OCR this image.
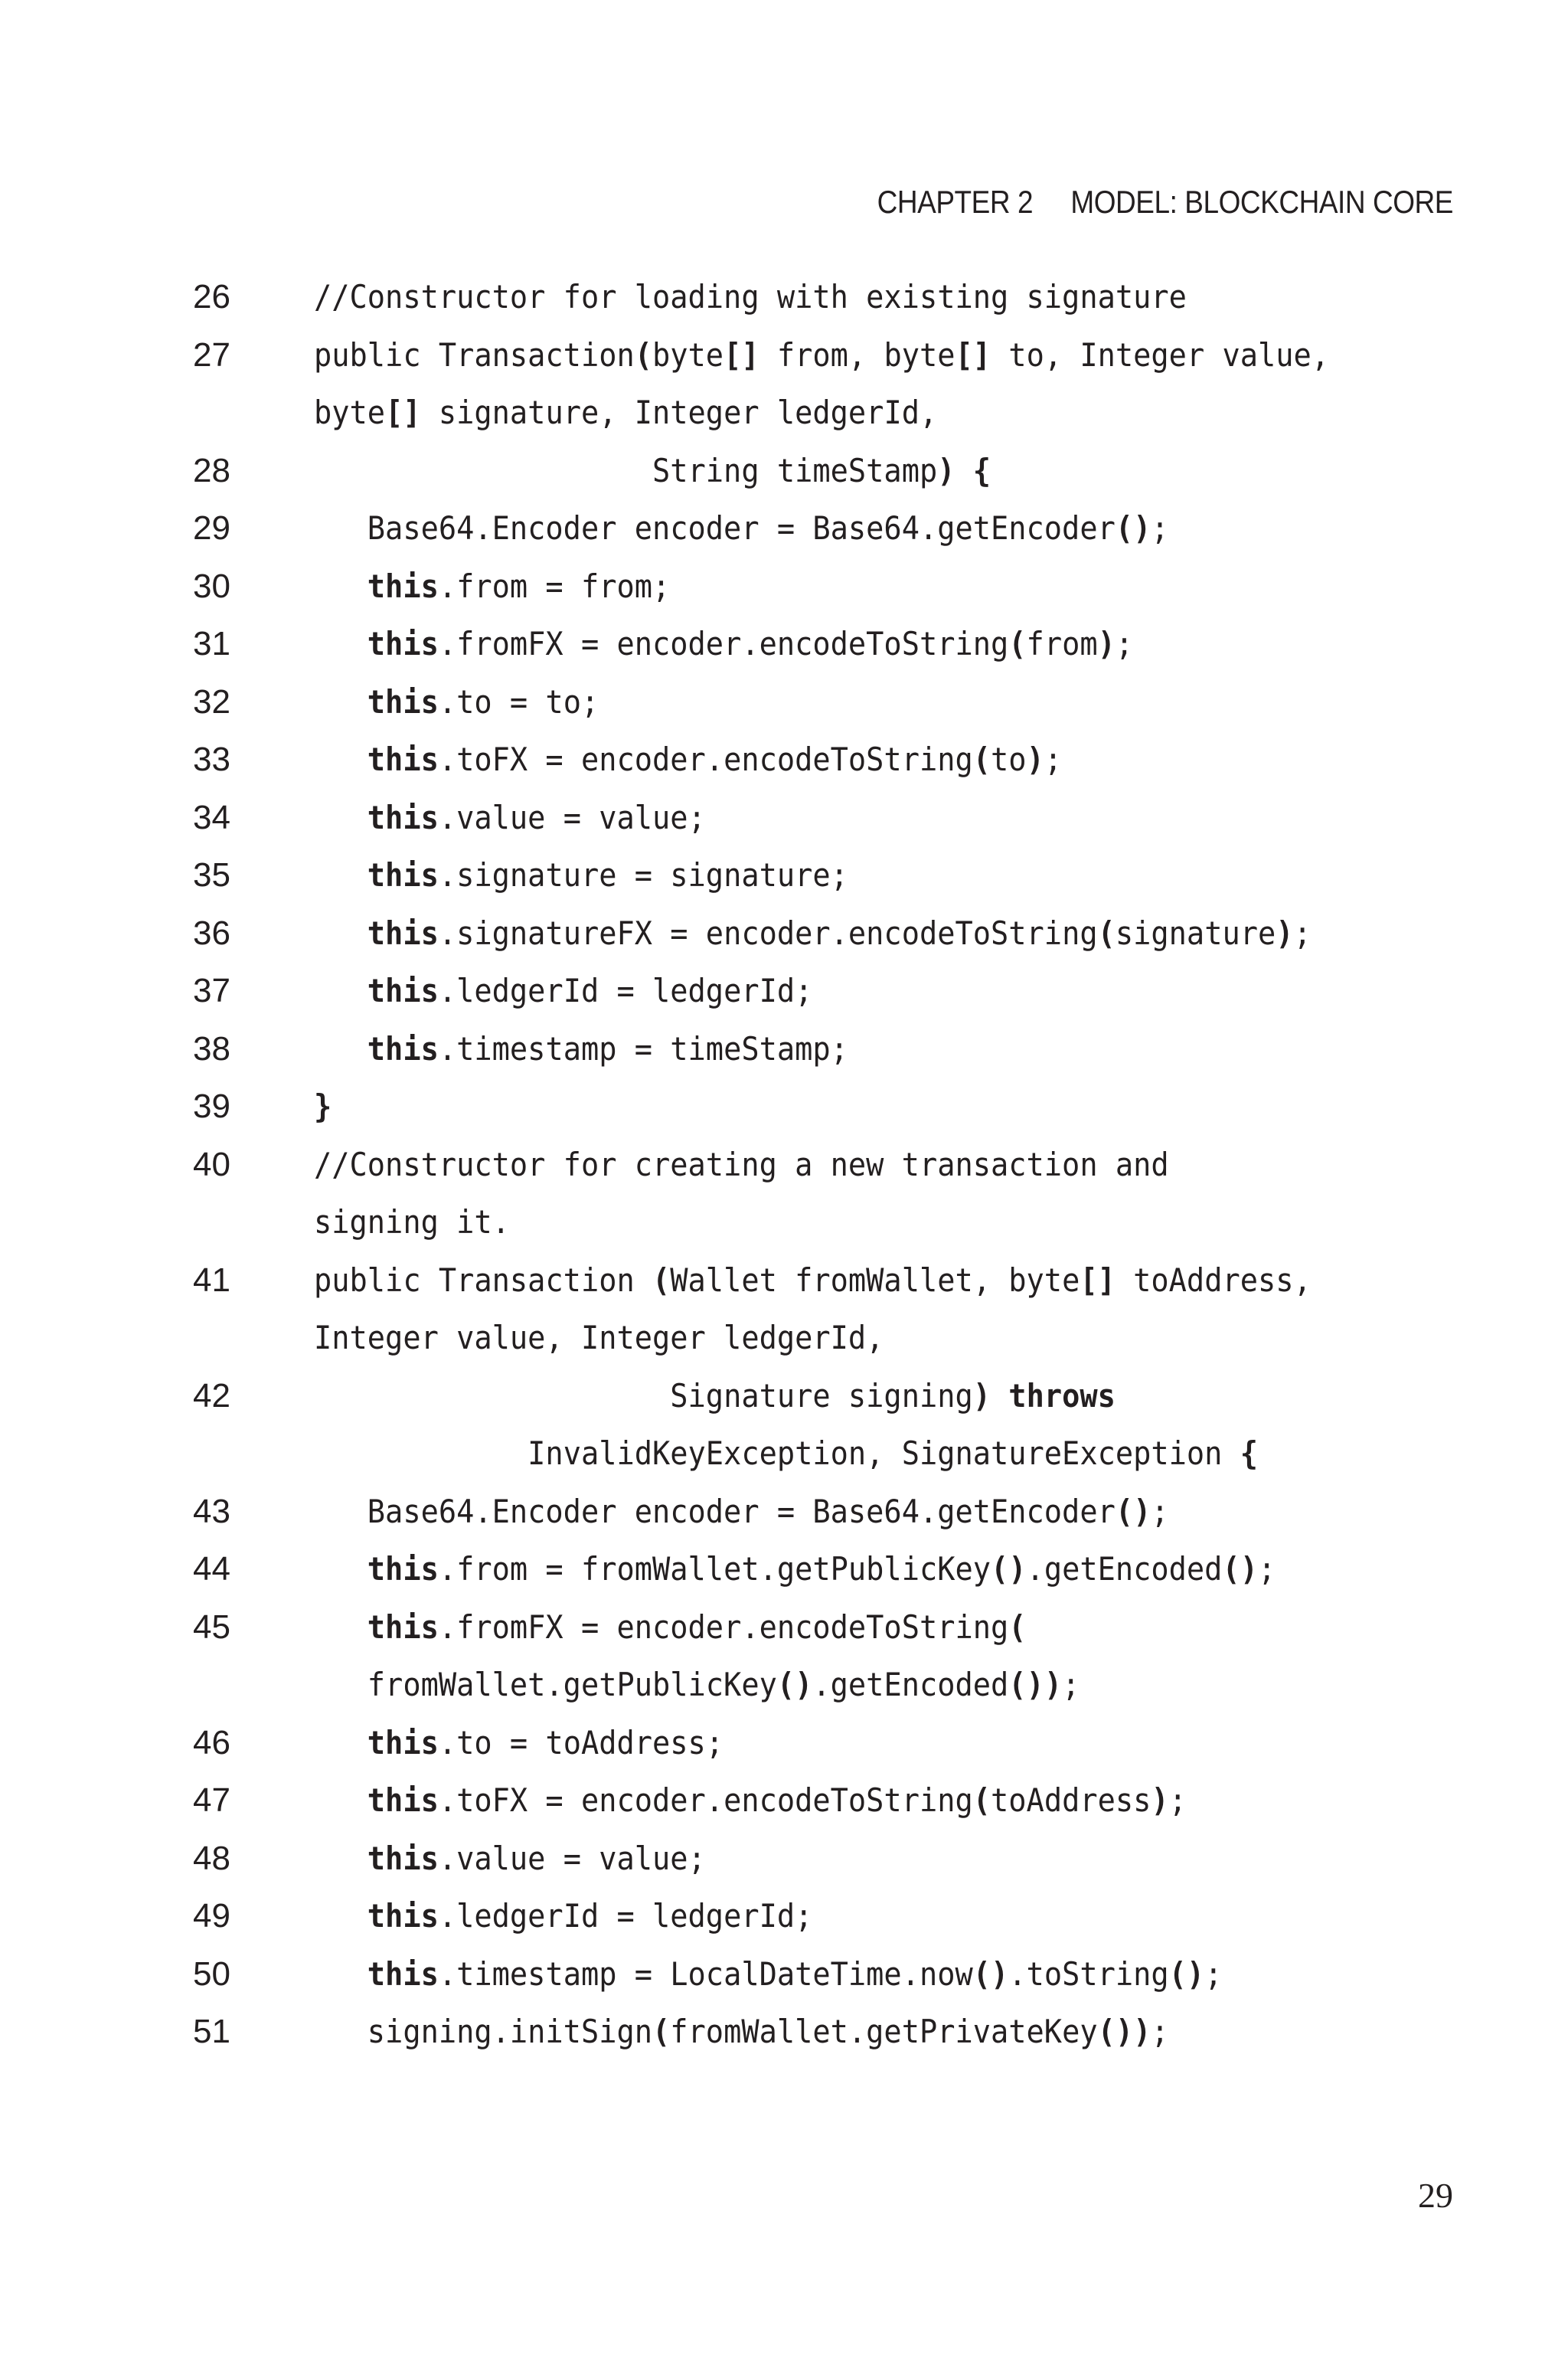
CHAPTER 2 MODEL: BLOCKCHAIN CORE
26	//Constructor for loading with existing signature
27	public Transaction(byte[] from, byte[] to, Integer value,
byte[] signature, Integer ledgerId,
28	String timeStamp) {
29	Base64.Encoder encoder = Base64.getEncoder();
30	this.from = from;
31	this.fromFX = encoder.encodeToString(from);
32	this.to = to;
33	this.toFX = encoder.encodeToString(to);
34	this.value = value;
35	this.signature = signature;
36	this.signatureFX = encoder.encodeToString(signature);
37	this.ledgerId = ledgerId;
38	this.timestamp = timeStamp;
39	}
40	//Constructor for creating a new transaction and
signing it.
41	public Transaction (Wallet fromWallet, byte[] toAddress,
Integer value, Integer ledgerId,
42	Signature signing) throws
InvalidKeyException, SignatureException {
43	Base64.Encoder encoder = Base64.getEncoder();
44	this.from = fromWallet.getPublicKey().getEncoded();
45	this.fromFX = encoder.encodeToString(
fromWallet.getPublicKey().getEncoded());
46	this.to = toAddress;
47	this.toFX = encoder.encodeToString(toAddress);
48	this.value = value;
49	this.ledgerId = ledgerId;
50	this.timestamp = LocalDateTime.now().toString();
51	signing.initSign(fromWallet.getPrivateKey());
29
